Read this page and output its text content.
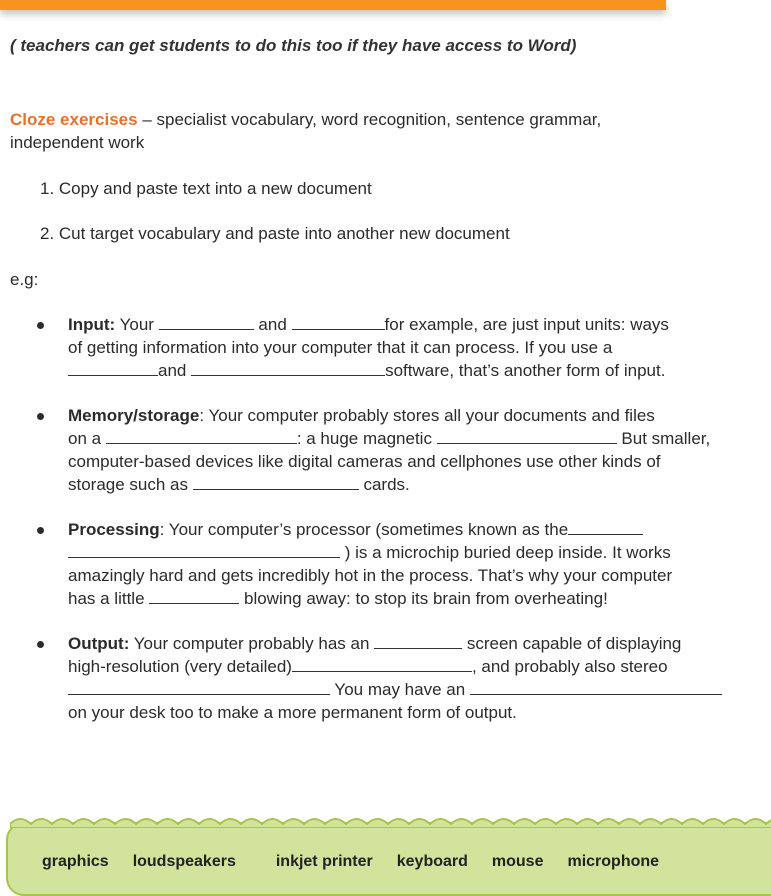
( teachers can get students to do this too if they have access to Word)
Cloze exercises – specialist vocabulary, word recognition, sentence grammar,
independent work
1. Copy and paste text into a new document
2. Cut target vocabulary and paste into another new document
e.g:
Input: Your	and	for example, are just input units: ways
of getting information into your computer that it can process. If you use a
and	software, that’s another form of input.
Memory/storage: Your computer probably stores all your documents and files
on a	: a huge magnetic	But smaller,
computer-based devices like digital cameras and cellphones use other kinds of
storage such as	cards.
Processing: Your computer’s processor (sometimes known as the
) is a microchip buried deep inside. It works
amazingly hard and gets incredibly hot in the process. That’s why your computer
has a little	blowing away: to stop its brain from overheating!
Output: Your computer probably has an	screen capable of displaying
high-resolution (very detailed)	, and probably also stereo
You may have an
on your desk too to make a more permanent form of output.
graphics loudspeakers	inkjet printer keyboard mouse microphone
